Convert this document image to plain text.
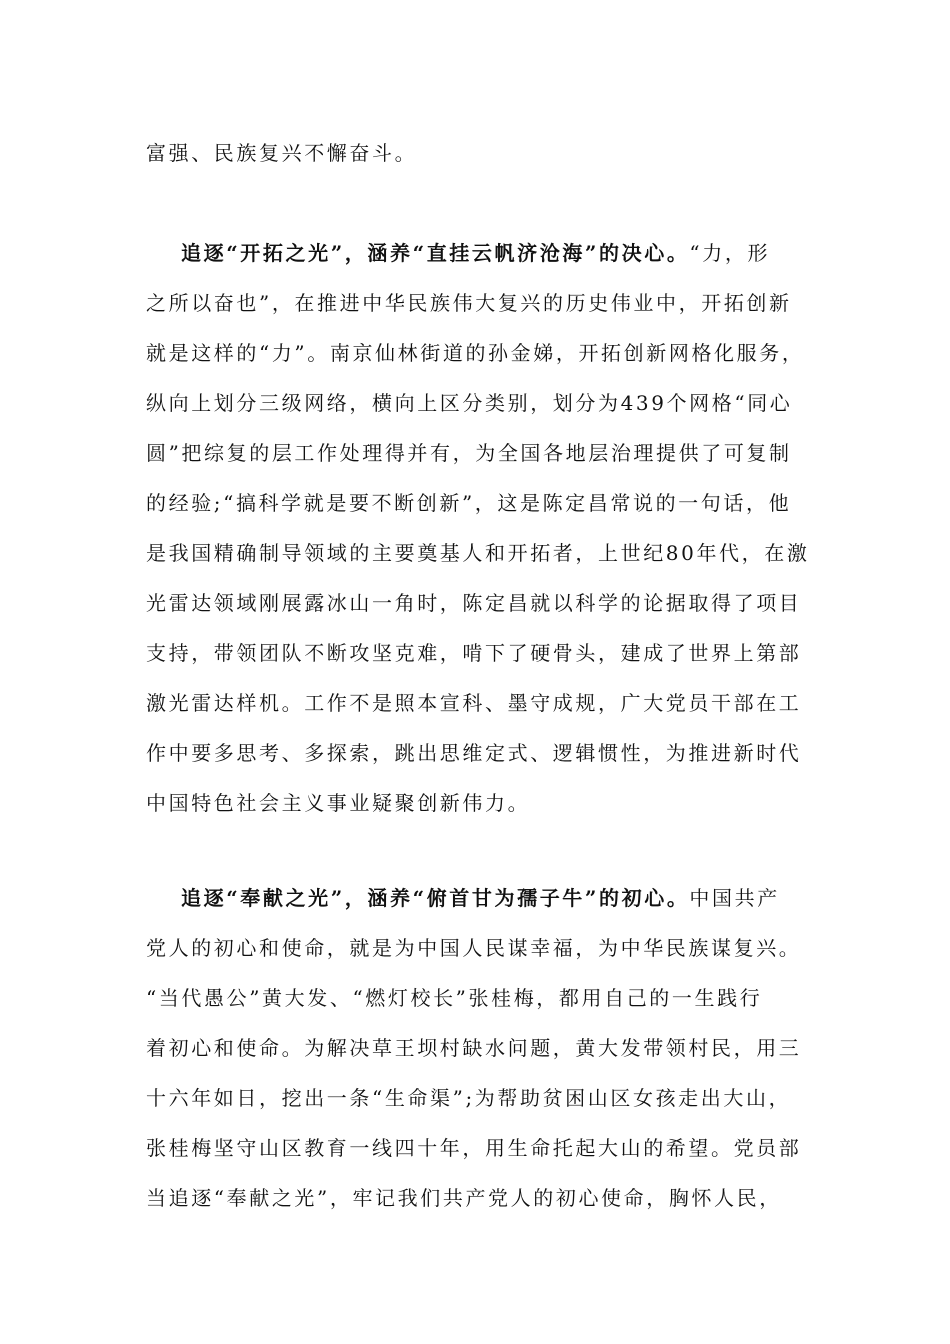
富强、民族复兴不懈奋斗。
追逐“开拓之光”，涵养“直挂云帆济沧海”的决心。“力，形
之所以奋也”，在推进中华民族伟大复兴的历史伟业中，开拓创新
就是这样的“力”。南京仙林街道的孙金娣，开拓创新网格化服务，
纵向上划分三级网络，横向上区分类别，划分为439个网格“同心
圆”把综复的层工作处理得并有，为全国各地层治理提供了可复制
的经验;“搞科学就是要不断创新”，这是陈定昌常说的一句话，他
是我国精确制导领域的主要奠基人和开拓者，上世纪80年代，在激
光雷达领域刚展露冰山一角时，陈定昌就以科学的论据取得了项目
支持，带领团队不断攻坚克难，啃下了硬骨头，建成了世界上第部
激光雷达样机。工作不是照本宣科、墨守成规，广大党员干部在工
作中要多思考、多探索，跳出思维定式、逻辑惯性，为推进新时代
中国特色社会主义事业疑聚创新伟力。
追逐“奉献之光”，涵养“俯首甘为孺子牛”的初心。中国共产
党人的初心和使命，就是为中国人民谋幸福，为中华民族谋复兴。
“当代愚公”黄大发、“燃灯校长”张桂梅，都用自己的一生践行
着初心和使命。为解决草王坝村缺水问题，黄大发带领村民，用三
十六年如日，挖出一条“生命渠”;为帮助贫困山区女孩走出大山，
张桂梅坚守山区教育一线四十年，用生命托起大山的希望。党员部
当追逐“奉献之光”，牢记我们共产党人的初心使命，胸怀人民，
